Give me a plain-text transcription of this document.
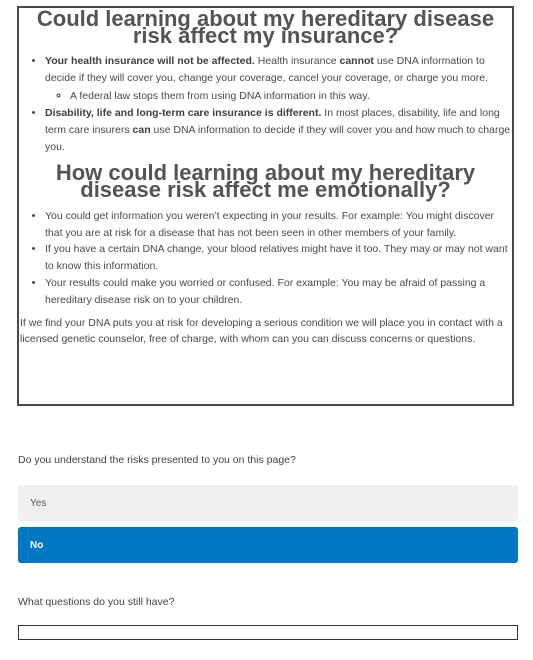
Could learning about my hereditary disease risk affect my insurance?
• Your health insurance will not be affected. Health insurance cannot use DNA information to decide if they will cover you, change your coverage, cancel your coverage, or charge you more.
◦ A federal law stops them from using DNA information in this way.
• Disability, life and long-term care insurance is different. In most places, disability, life and long term care insurers can use DNA information to decide if they will cover you and how much to charge you.
How could learning about my hereditary disease risk affect me emotionally?
• You could get information you weren’t expecting in your results. For example: You might discover that you are at risk for a disease that has not been seen in other members of your family.
• If you have a certain DNA change, your blood relatives might have it too. They may or may not want to know this information.
• Your results could make you worried or confused. For example: You may be afraid of passing a hereditary disease risk on to your children.

If we find your DNA puts you at risk for developing a serious condition we will place you in contact with a licensed genetic counselor, free of charge, with whom can you can discuss concerns or questions.

Do you understand the risks presented to you on this page?
Yes
No
What questions do you still have?
